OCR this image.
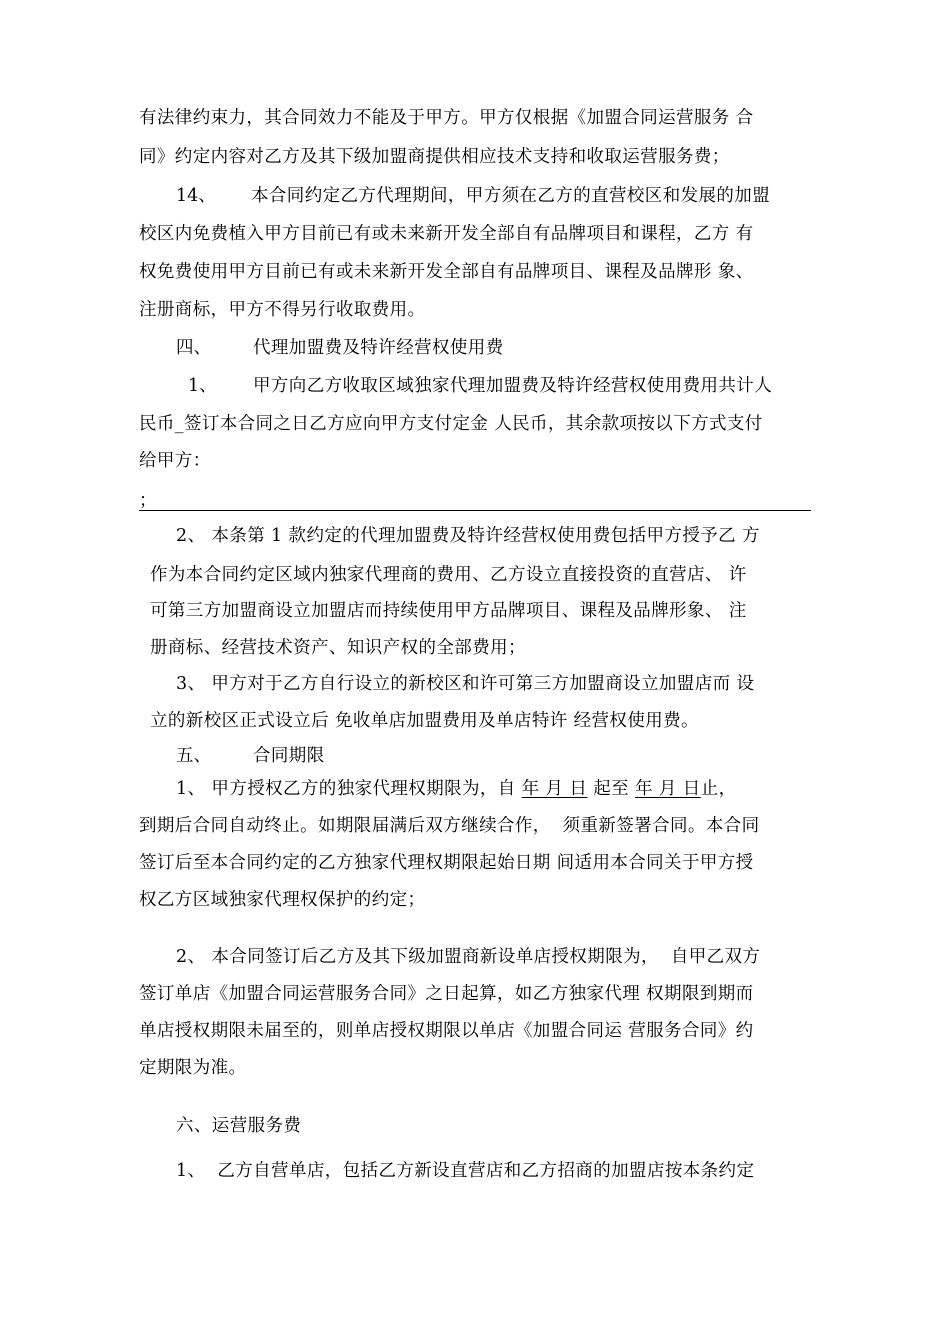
有法律约束力，其合同效力不能及于甲方。甲方仅根据《加盟合同运营服务 合
同》约定内容对乙方及其下级加盟商提供相应技术支持和收取运营服务费；
14、 本合同约定乙方代理期间，甲方须在乙方的直营校区和发展的加盟
校区内免费植入甲方目前已有或未来新开发全部自有品牌项目和课程，乙方 有
权免费使用甲方目前已有或未来新开发全部自有品牌项目、课程及品牌形 象、
注册商标，甲方不得另行收取费用。
四、 代理加盟费及特许经营权使用费
1、 甲方向乙方收取区域独家代理加盟费及特许经营权使用费用共计人
民币_签订本合同之日乙方应向甲方支付定金 人民币，其余款项按以下方式支付
给甲方：
；
2、 本条第 1 款约定的代理加盟费及特许经营权使用费包括甲方授予乙 方
作为本合同约定区域内独家代理商的费用、乙方设立直接投资的直营店、 许
可第三方加盟商设立加盟店而持续使用甲方品牌项目、课程及品牌形象、 注
册商标、经营技术资产、知识产权的全部费用；
3、 甲方对于乙方自行设立的新校区和许可第三方加盟商设立加盟店而 设
立的新校区正式设立后 免收单店加盟费用及单店特许 经营权使用费。
五、 合同期限
1、 甲方授权乙方的独家代理权期限为，自 年 月 日 起至 年 月 日止，
到期后合同自动终止。如期限届满后双方继续合作，  须重新签署合同。本合同
签订后至本合同约定的乙方独家代理权期限起始日期 间适用本合同关于甲方授
权乙方区域独家代理权保护的约定；
2、 本合同签订后乙方及其下级加盟商新设单店授权期限为，  自甲乙双方
签订单店《加盟合同运营服务合同》之日起算，如乙方独家代理 权期限到期而
单店授权期限未届至的，则单店授权期限以单店《加盟合同运 营服务合同》约
定期限为准。
六、运营服务费
1、  乙方自营单店，包括乙方新设直营店和乙方招商的加盟店按本条约定
